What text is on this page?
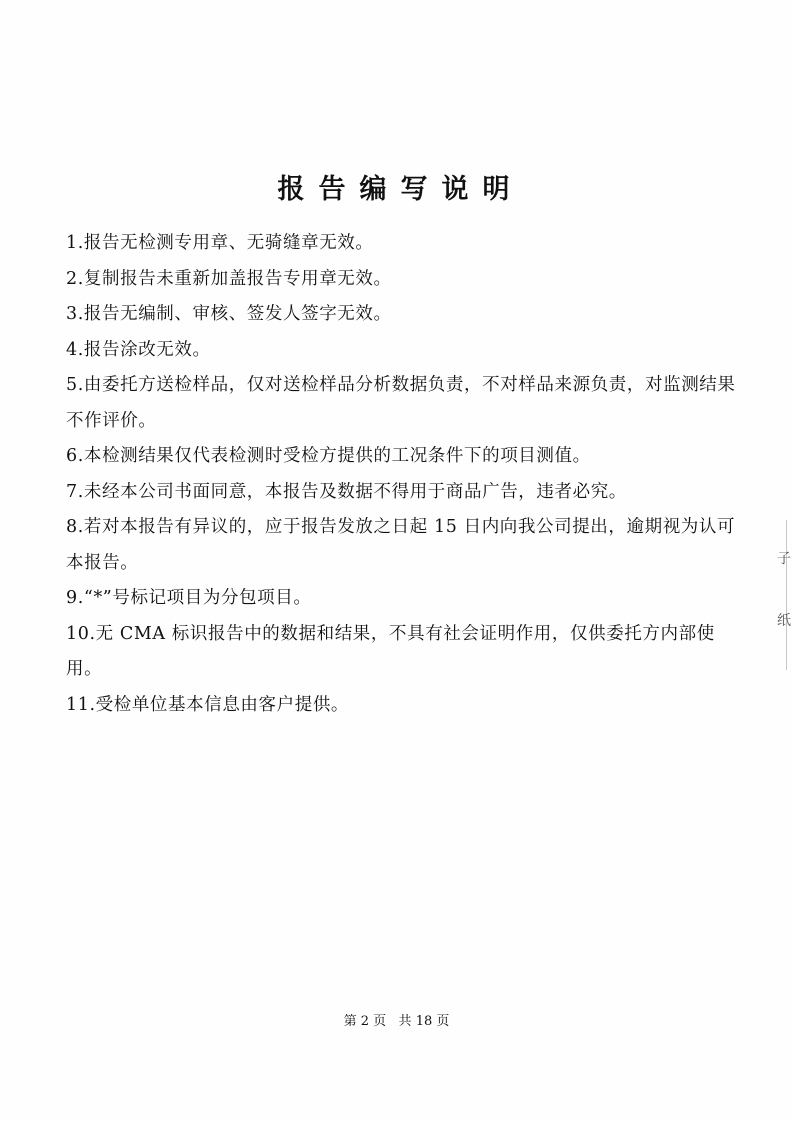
报告编写说明
1.报告无检测专用章、无骑缝章无效。
2.复制报告未重新加盖报告专用章无效。
3.报告无编制、审核、签发人签字无效。
4.报告涂改无效。
5.由委托方送检样品，仅对送检样品分析数据负责，不对样品来源负责，对监测结果不作评价。
6.本检测结果仅代表检测时受检方提供的工况条件下的项目测值。
7.未经本公司书面同意，本报告及数据不得用于商品广告，违者必究。
8.若对本报告有异议的，应于报告发放之日起 15 日内向我公司提出，逾期视为认可本报告。
9.“*”号标记项目为分包项目。
10.无 CMA 标识报告中的数据和结果，不具有社会证明作用，仅供委托方内部使用。
11.受检单位基本信息由客户提供。
第 2 页   共 18 页
子
纸
